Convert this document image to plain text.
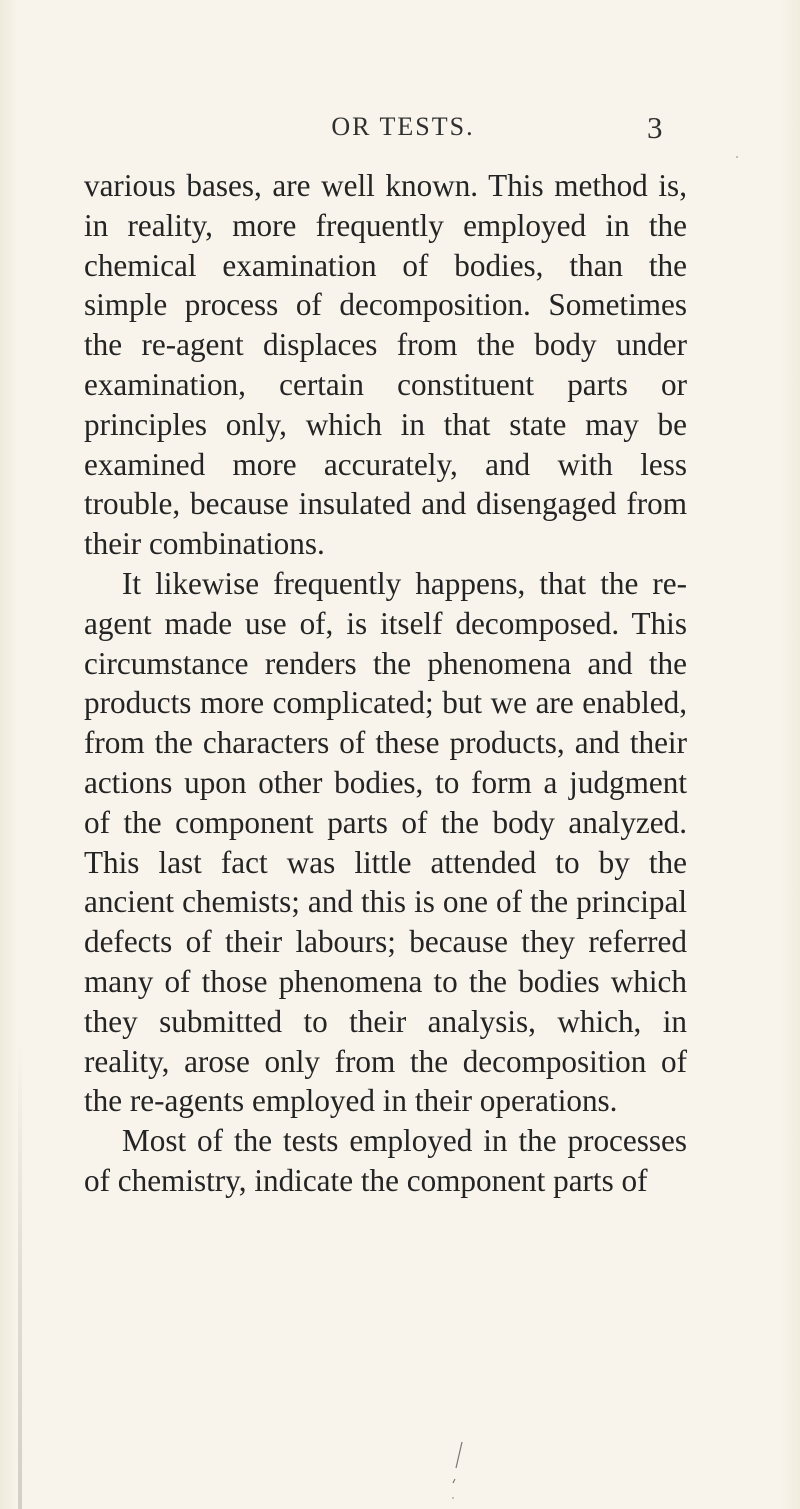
OR TESTS.	3

various bases, are well known. This method is, in reality, more frequently employed in the chemical examination of bodies, than the simple process of decomposition. Sometimes the re-agent displaces from the body under examination, certain constituent parts or principles only, which in that state may be examined more accurately, and with less trouble, because insulated and disengaged from their combinations.

It likewise frequently happens, that the re-agent made use of, is itself decomposed. This circumstance renders the phenomena and the products more complicated; but we are enabled, from the characters of these products, and their actions upon other bodies, to form a judgment of the component parts of the body analyzed. This last fact was little attended to by the ancient chemists; and this is one of the principal defects of their labours; because they referred many of those phenomena to the bodies which they submitted to their analysis, which, in reality, arose only from the decomposition of the re-agents employed in their operations.

Most of the tests employed in the processes of chemistry, indicate the component parts of
